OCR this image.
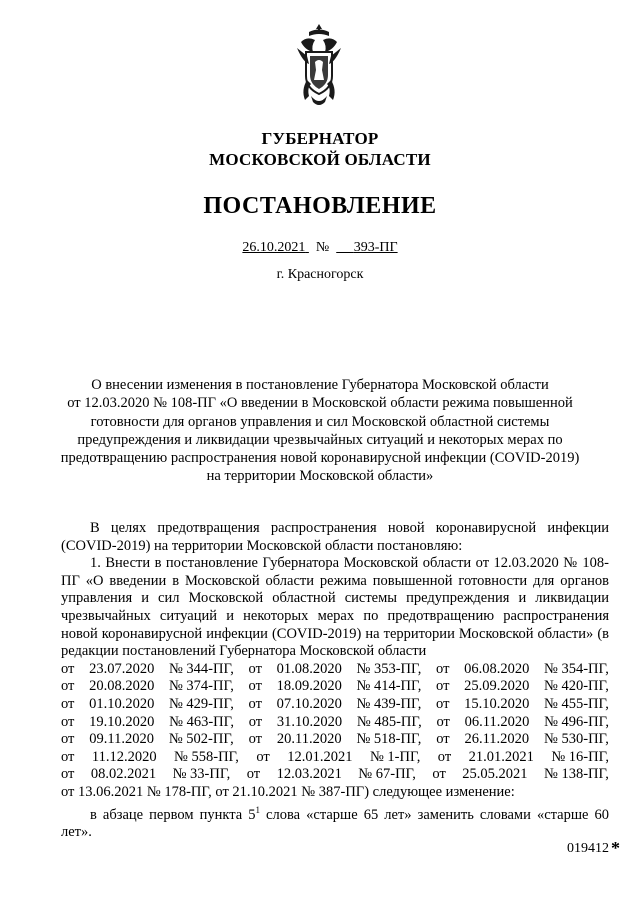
ГУБЕРНАТОР
МОСКОВСКОЙ ОБЛАСТИ
ПОСТАНОВЛЕНИЕ
26.10.2021 № 393-ПГ
г. Красногорск
О внесении изменения в постановление Губернатора Московской области
от 12.03.2020 № 108-ПГ «О введении в Московской области режима повышенной
готовности для органов управления и сил Московской областной системы
предупреждения и ликвидации чрезвычайных ситуаций и некоторых мерах по
предотвращению распространения новой коронавирусной инфекции (COVID-2019)
на территории Московской области»

В целях предотвращения распространения новой коронавирусной инфекции (COVID-2019) на территории Московской области постановляю:

1. Внести в постановление Губернатора Московской области от 12.03.2020 № 108-ПГ «О введении в Московской области режима повышенной готовности для органов управления и сил Московской областной системы предупреждения и ликвидации чрезвычайных ситуаций и некоторых мерах по предотвращению распространения новой коронавирусной инфекции (COVID-2019) на территории Московской области» (в редакции постановлений Губернатора Московской области

от 23.07.2020 № 344-ПГ, от 01.08.2020 № 353-ПГ, от 06.08.2020 № 354-ПГ,
от 20.08.2020 № 374-ПГ, от 18.09.2020 № 414-ПГ, от 25.09.2020 № 420-ПГ,
от 01.10.2020 № 429-ПГ, от 07.10.2020 № 439-ПГ, от 15.10.2020 № 455-ПГ,
от 19.10.2020 № 463-ПГ, от 31.10.2020 № 485-ПГ, от 06.11.2020 № 496-ПГ,
от 09.11.2020 № 502-ПГ, от 20.11.2020 № 518-ПГ, от 26.11.2020 № 530-ПГ,
от 11.12.2020 № 558-ПГ, от 12.01.2021 № 1-ПГ, от 21.01.2021 № 16-ПГ,
от 08.02.2021 № 33-ПГ, от 12.03.2021 № 67-ПГ, от 25.05.2021 № 138-ПГ,

от 13.06.2021 № 178-ПГ, от 21.10.2021 № 387-ПГ) следующее изменение:

в абзаце первом пункта $5^1$ слова «старше 65 лет» заменить словами «старше 60 лет».

019412 *
